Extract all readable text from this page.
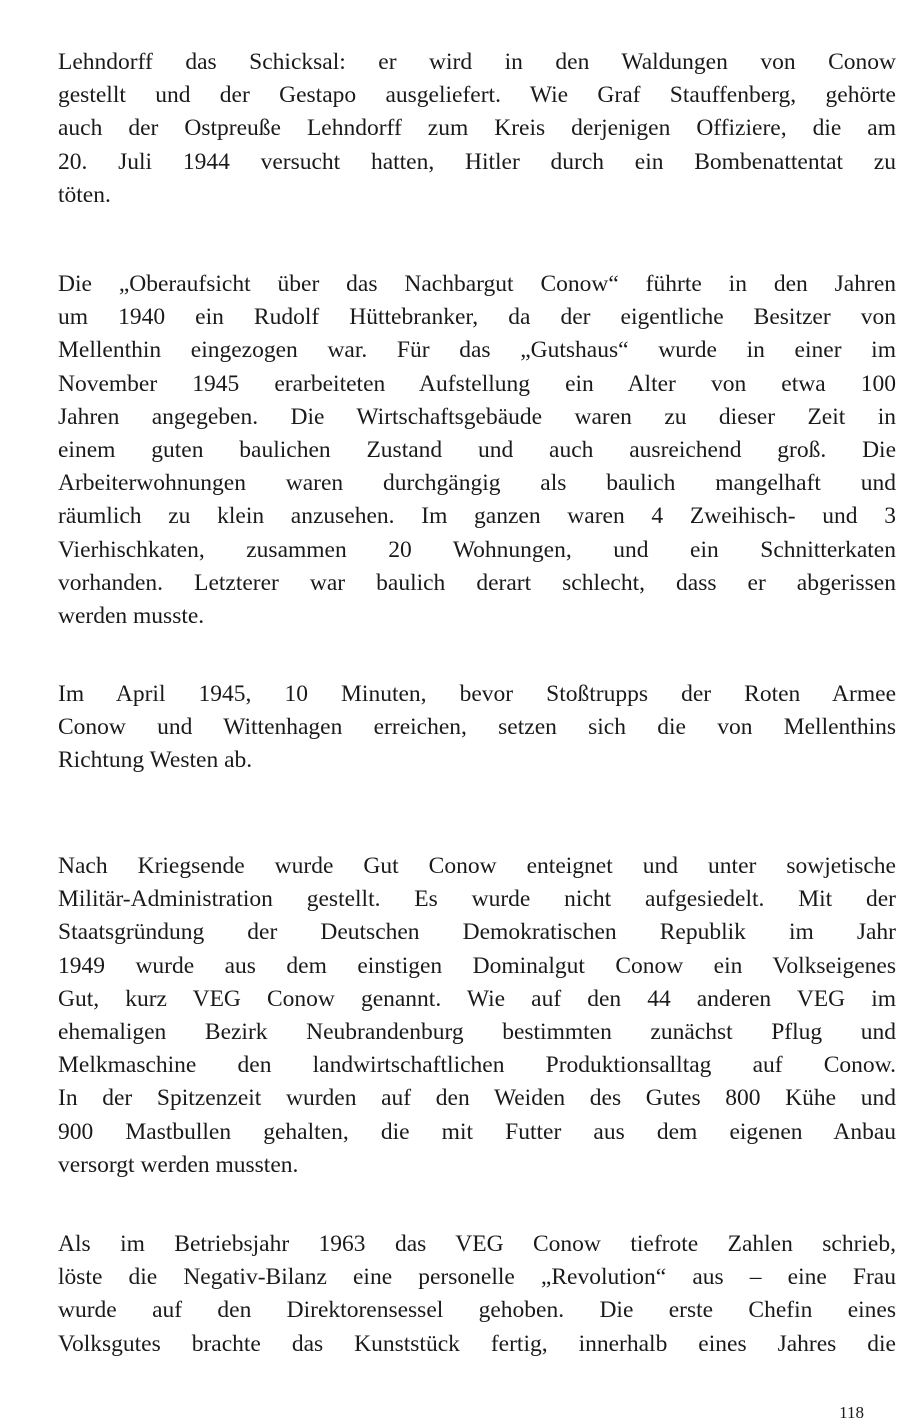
Lehndorff das Schicksal: er wird in den Waldungen von Conow
gestellt und der Gestapo ausgeliefert. Wie Graf Stauffenberg, gehörte
auch der Ostpreuße Lehndorff zum Kreis derjenigen Offiziere, die am
20. Juli 1944 versucht hatten, Hitler durch ein Bombenattentat zu
töten.
Die „Oberaufsicht über das Nachbargut Conow“ führte in den Jahren
um 1940 ein Rudolf Hüttebranker, da der eigentliche Besitzer von
Mellenthin eingezogen war. Für das „Gutshaus“ wurde in einer im
November 1945 erarbeiteten Aufstellung ein Alter von etwa 100
Jahren angegeben. Die Wirtschaftsgebäude waren zu dieser Zeit in
einem guten baulichen Zustand und auch ausreichend groß. Die
Arbeiterwohnungen waren durchgängig als baulich mangelhaft und
räumlich zu klein anzusehen. Im ganzen waren 4 Zweihisch- und 3
Vierhischkaten, zusammen 20 Wohnungen, und ein Schnitterkaten
vorhanden. Letzterer war baulich derart schlecht, dass er abgerissen
werden musste.
Im April 1945, 10 Minuten, bevor Stoßtrupps der Roten Armee
Conow und Wittenhagen erreichen, setzen sich die von Mellenthins
Richtung Westen ab.
Nach Kriegsende wurde Gut Conow enteignet und unter sowjetische
Militär-Administration gestellt. Es wurde nicht aufgesiedelt. Mit der
Staatsgründung der Deutschen Demokratischen Republik im Jahr
1949 wurde aus dem einstigen Dominalgut Conow ein Volkseigenes
Gut, kurz VEG Conow genannt. Wie auf den 44 anderen VEG im
ehemaligen Bezirk Neubrandenburg bestimmten zunächst Pflug und
Melkmaschine den landwirtschaftlichen Produktionsalltag auf Conow.
In der Spitzenzeit wurden auf den Weiden des Gutes 800 Kühe und
900 Mastbullen gehalten, die mit Futter aus dem eigenen Anbau
versorgt werden mussten.
Als im Betriebsjahr 1963 das VEG Conow tiefrote Zahlen schrieb,
löste die Negativ-Bilanz eine personelle „Revolution“ aus – eine Frau
wurde auf den Direktorensessel gehoben. Die erste Chefin eines
Volksgutes brachte das Kunststück fertig, innerhalb eines Jahres die
118
